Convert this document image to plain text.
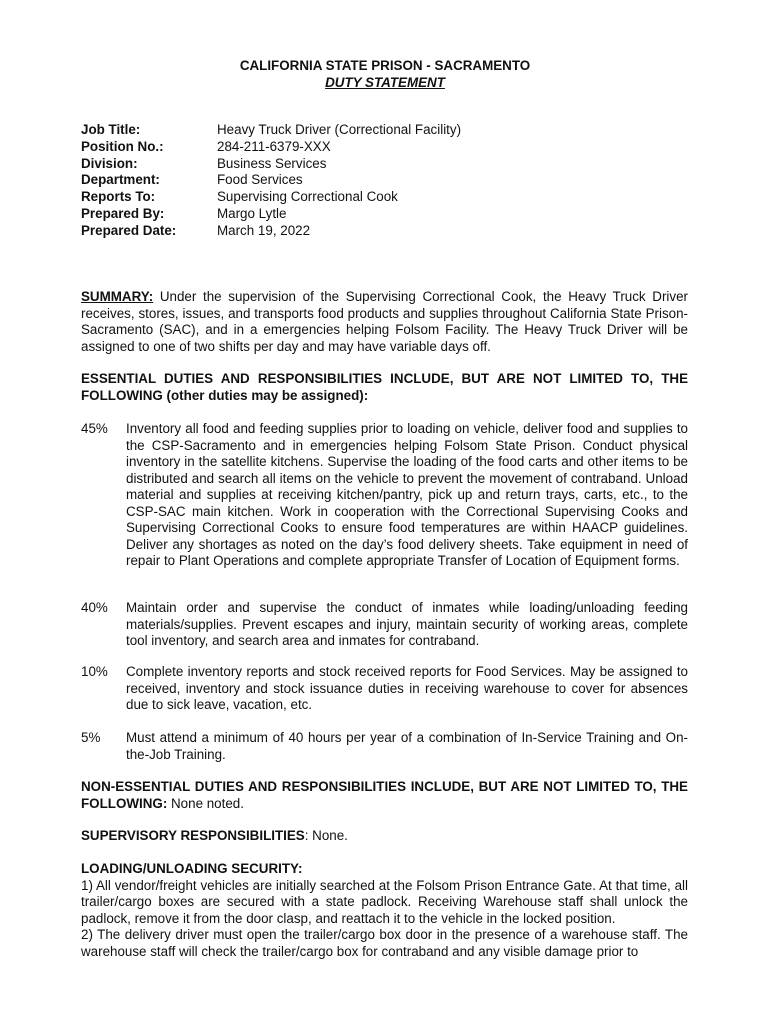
CALIFORNIA STATE PRISON - SACRAMENTO
DUTY STATEMENT
Job Title:	Heavy Truck Driver (Correctional Facility)
Position No.:	284-211-6379-XXX
Division:	Business Services
Department:	Food Services
Reports To:	Supervising Correctional Cook
Prepared By:	Margo Lytle
Prepared Date:	March 19, 2022
SUMMARY: Under the supervision of the Supervising Correctional Cook, the Heavy Truck Driver receives, stores, issues, and transports food products and supplies throughout California State Prison-Sacramento (SAC), and in a emergencies helping Folsom Facility. The Heavy Truck Driver will be assigned to one of two shifts per day and may have variable days off.
ESSENTIAL DUTIES AND RESPONSIBILITIES INCLUDE, BUT ARE NOT LIMITED TO, THE FOLLOWING (other duties may be assigned):
45%	Inventory all food and feeding supplies prior to loading on vehicle, deliver food and supplies to the CSP-Sacramento and in emergencies helping Folsom State Prison. Conduct physical inventory in the satellite kitchens. Supervise the loading of the food carts and other items to be distributed and search all items on the vehicle to prevent the movement of contraband. Unload material and supplies at receiving kitchen/pantry, pick up and return trays, carts, etc., to the CSP-SAC main kitchen. Work in cooperation with the Correctional Supervising Cooks and Supervising Correctional Cooks to ensure food temperatures are within HAACP guidelines. Deliver any shortages as noted on the day’s food delivery sheets. Take equipment in need of repair to Plant Operations and complete appropriate Transfer of Location of Equipment forms.
40%	Maintain order and supervise the conduct of inmates while loading/unloading feeding materials/supplies. Prevent escapes and injury, maintain security of working areas, complete tool inventory, and search area and inmates for contraband.
10%	Complete inventory reports and stock received reports for Food Services. May be assigned to received, inventory and stock issuance duties in receiving warehouse to cover for absences due to sick leave, vacation, etc.
5%	Must attend a minimum of 40 hours per year of a combination of In-Service Training and On-the-Job Training.
NON-ESSENTIAL DUTIES AND RESPONSIBILITIES INCLUDE, BUT ARE NOT LIMITED TO, THE FOLLOWING: None noted.
SUPERVISORY RESPONSIBILITIES: None.
LOADING/UNLOADING SECURITY:
1) All vendor/freight vehicles are initially searched at the Folsom Prison Entrance Gate. At that time, all trailer/cargo boxes are secured with a state padlock. Receiving Warehouse staff shall unlock the padlock, remove it from the door clasp, and reattach it to the vehicle in the locked position.
2) The delivery driver must open the trailer/cargo box door in the presence of a warehouse staff. The warehouse staff will check the trailer/cargo box for contraband and any visible damage prior to
